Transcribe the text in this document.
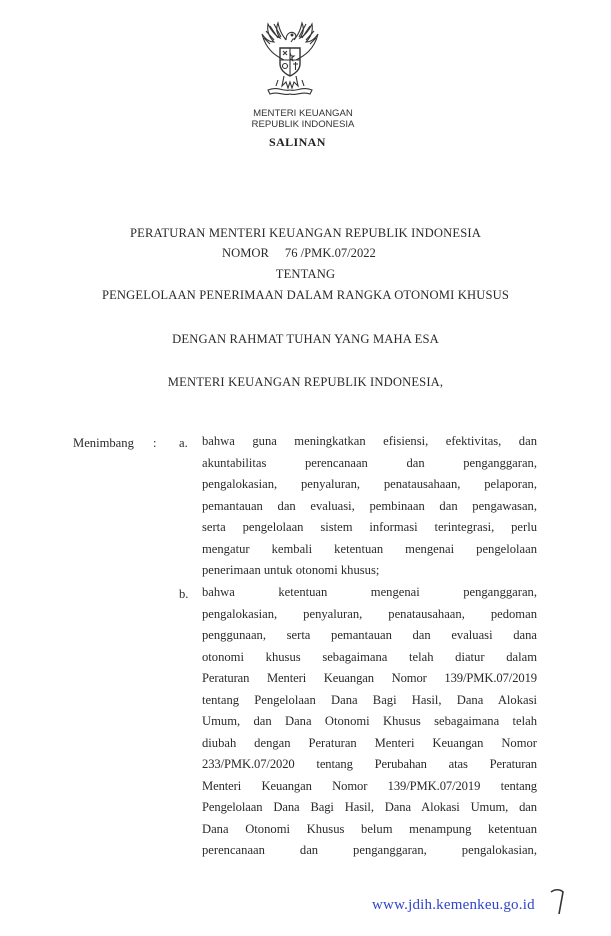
MENTERI KEUANGAN
REPUBLIK INDONESIA
SALINAN
PERATURAN MENTERI KEUANGAN REPUBLIK INDONESIA
NOMOR 76 /PMK.07/2022
TENTANG
PENGELOLAAN PENERIMAAN DALAM RANGKA OTONOMI KHUSUS
DENGAN RAHMAT TUHAN YANG MAHA ESA
MENTERI KEUANGAN REPUBLIK INDONESIA,
Menimbang : a. bahwa guna meningkatkan efisiensi, efektivitas, dan
akuntabilitas perencanaan dan penganggaran,
pengalokasian, penyaluran, penatausahaan, pelaporan,
pemantauan dan evaluasi, pembinaan dan pengawasan,
serta pengelolaan sistem informasi terintegrasi, perlu
mengatur kembali ketentuan mengenai pengelolaan
penerimaan untuk otonomi khusus;
b. bahwa ketentuan mengenai penganggaran,
pengalokasian, penyaluran, penatausahaan, pedoman
penggunaan, serta pemantauan dan evaluasi dana
otonomi khusus sebagaimana telah diatur dalam
Peraturan Menteri Keuangan Nomor 139/PMK.07/2019
tentang Pengelolaan Dana Bagi Hasil, Dana Alokasi
Umum, dan Dana Otonomi Khusus sebagaimana telah
diubah dengan Peraturan Menteri Keuangan Nomor
233/PMK.07/2020 tentang Perubahan atas Peraturan
Menteri Keuangan Nomor 139/PMK.07/2019 tentang
Pengelolaan Dana Bagi Hasil, Dana Alokasi Umum, dan
Dana Otonomi Khusus belum menampung ketentuan
perencanaan dan penganggaran, pengalokasian,
www.jdih.kemenkeu.go.id
